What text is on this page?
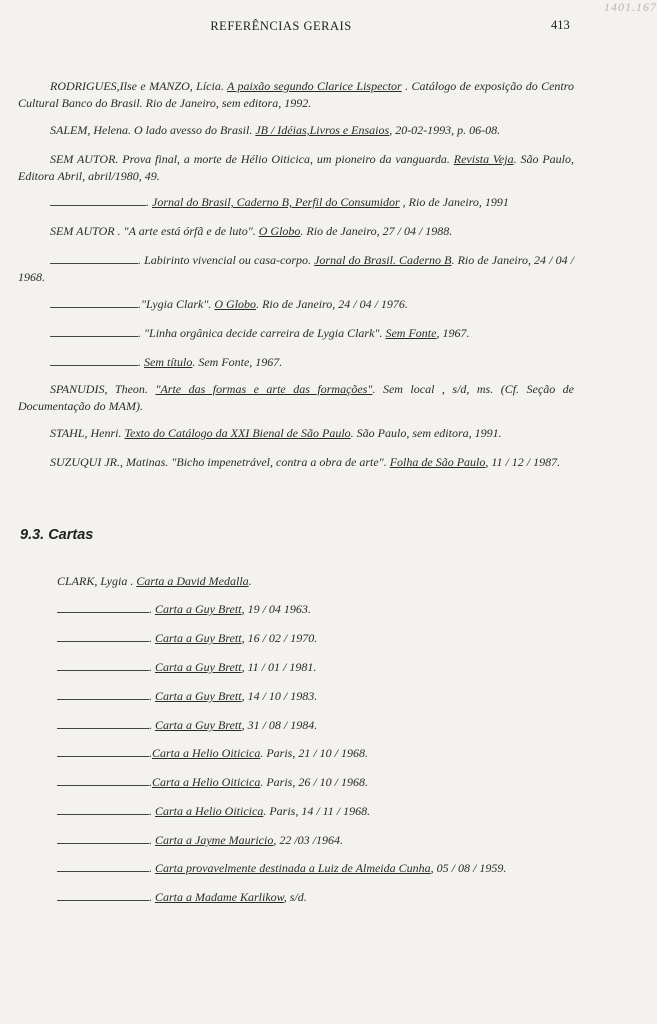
REFERÊNCIAS GERAIS	413
1401.167
RODRIGUES,Ilse e MANZO, Lícia. A paixão segundo Clarice Lispector . Catálogo de exposição do Centro Cultural Banco do Brasil. Rio de Janeiro, sem editora, 1992.
SALEM, Helena. O lado avesso do Brasil. JB / Idéias,Livros e Ensaios, 20-02-1993, p. 06-08.
SEM AUTOR. Prova final, a morte de Hélio Oiticica, um pioneiro da vanguarda. Revista Veja. São Paulo, Editora Abril, abril/1980, 49.
. Jornal do Brasil, Caderno B, Perfil do Consumidor , Rio de Janeiro, 1991
SEM AUTOR . "A arte está órfã e de luto". O Globo. Rio de Janeiro, 27 / 04 / 1988.
. Labirinto vivencial ou casa-corpo. Jornal do Brasil. Caderno B. Rio de Janeiro, 24 / 04 / 1968.
."Lygia Clark". O Globo. Rio de Janeiro, 24 / 04 / 1976.
. "Linha orgânica decide carreira de Lygia Clark". Sem Fonte, 1967.
. Sem título. Sem Fonte, 1967.
SPANUDIS, Theon. "Arte das formas e arte das formações". Sem local , s/d, ms. (Cf. Seção de Documentação do MAM).
STAHL, Henri. Texto do Catálogo da XXI Bienal de São Paulo. São Paulo, sem editora, 1991.
SUZUQUI JR., Matinas. "Bicho impenetrável, contra a obra de arte". Folha de São Paulo, 11 / 12 / 1987.
9.3. Cartas
CLARK, Lygia . Carta a David Medalla.
. Carta a Guy Brett, 19 / 04 1963.
. Carta a Guy Brett, 16 / 02 / 1970.
. Carta a Guy Brett, 11 / 01 / 1981.
. Carta a Guy Brett, 14 / 10 / 1983.
. Carta a Guy Brett, 31 / 08 / 1984.
.Carta a Helio Oiticica. Paris, 21 / 10 / 1968.
.Carta a Helio Oiticica. Paris, 26 / 10 / 1968.
. Carta a Helio Oiticica. Paris, 14 / 11 / 1968.
. Carta a Jayme Mauricio, 22 /03 /1964.
. Carta provavelmente destinada a Luiz de Almeida Cunha, 05 / 08 / 1959.
. Carta a Madame Karlikow, s/d.
